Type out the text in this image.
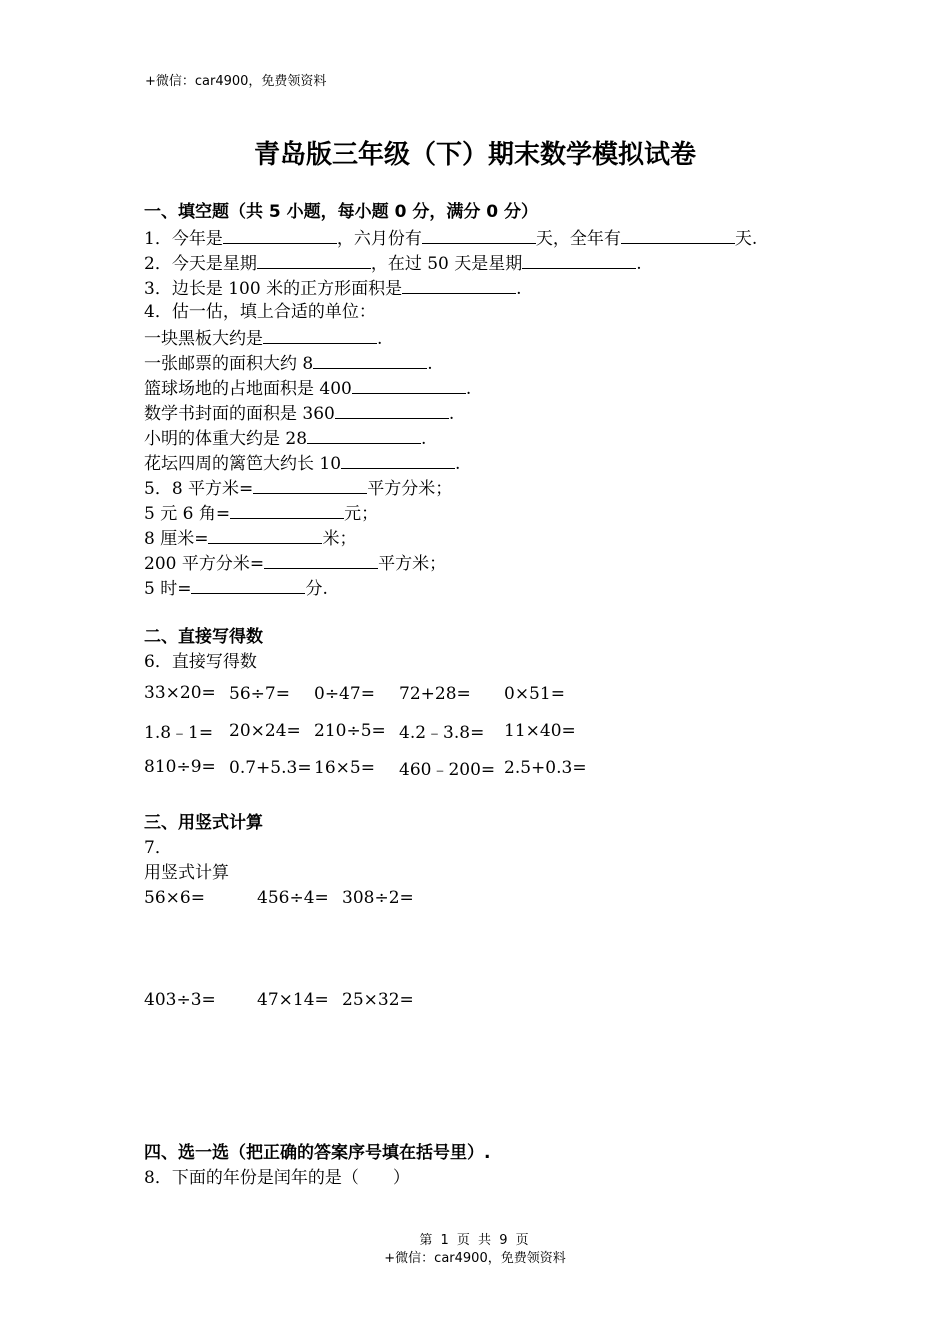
+微信：car4900，免费领资料
青岛版三年级（下）期末数学模拟试卷
一、填空题（共 5 小题，每小题 0 分，满分 0 分）
1．今年是	，六月份有	天，全年有	天.
2．今天是星期	，在过 50 天是星期	.
3．边长是 100 米的正方形面积是	.
4．估一估，填上合适的单位：
一块黑板大约是	.
一张邮票的面积大约 8	.
篮球场地的占地面积是 400	.
数学书封面的面积是 360	.
小明的体重大约是 28	.
花坛四周的篱笆大约长 10	.
5．8 平方米=	平方分米；
5 元 6 角=	元；
8 厘米=	米；
200 平方分米=	平方米；
5 时=	分.
二、直接写得数
6．直接写得数
33×20=	56÷7=	0÷47=	72+28=	0×51=
1.8﹣1=	20×24=	210÷5=	4.2﹣3.8=	11×40=
810÷9=	0.7+5.3=	16×5=	460﹣200=	2.5+0.3=
三、用竖式计算
7．
用竖式计算
56×6=	456÷4= 308÷2=
403÷3=	47×14= 25×32=
四、选一选（把正确的答案序号填在括号里）.
8．下面的年份是闰年的是（　　）
第 1 页 共 9 页
+微信：car4900，免费领资料
